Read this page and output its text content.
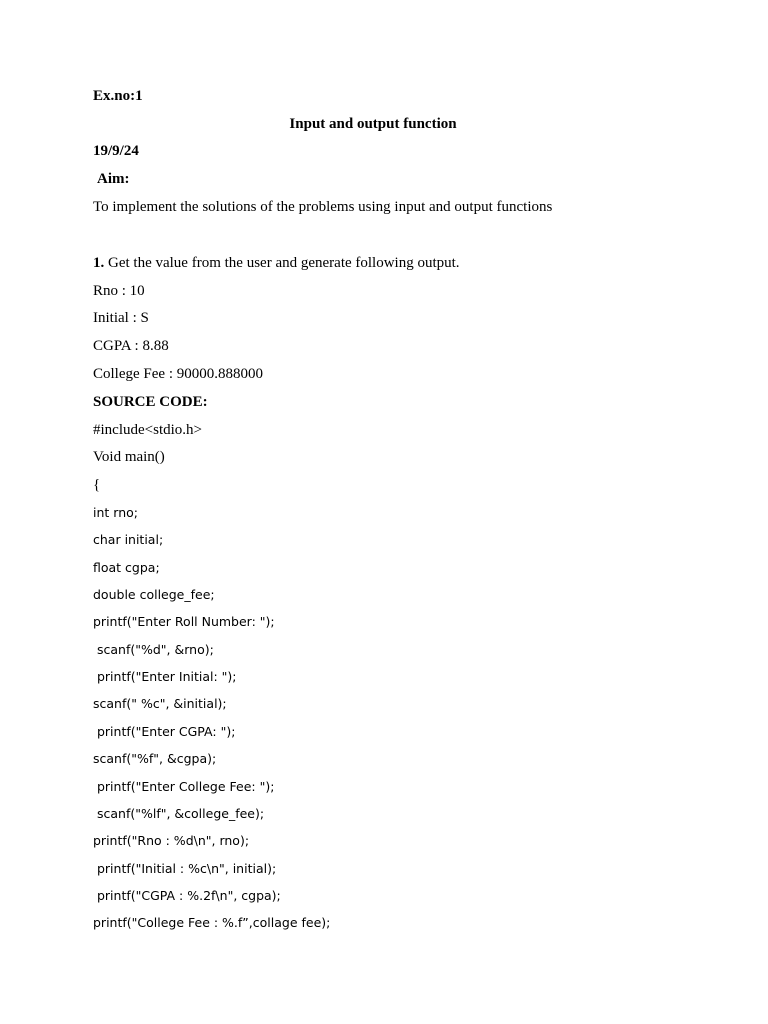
Ex.no:1
Input and output function
19/9/24
Aim:
To implement the solutions of the problems using input and output functions
1. Get the value from the user and generate following output.
Rno : 10
Initial : S
CGPA : 8.88
College Fee : 90000.888000
SOURCE CODE:
#include<stdio.h>
Void main()
{
int rno;
char initial;
float cgpa;
double college_fee;
printf("Enter Roll Number: ");
scanf("%d", &rno);
printf("Enter Initial: ");
scanf(" %c", &initial);
printf("Enter CGPA: ");
scanf("%f", &cgpa);
printf("Enter College Fee: ");
scanf("%lf", &college_fee);
printf("Rno : %d\n", rno);
printf("Initial : %c\n", initial);
printf("CGPA : %.2f\n", cgpa);
printf("College Fee : %.f”,collage fee);
